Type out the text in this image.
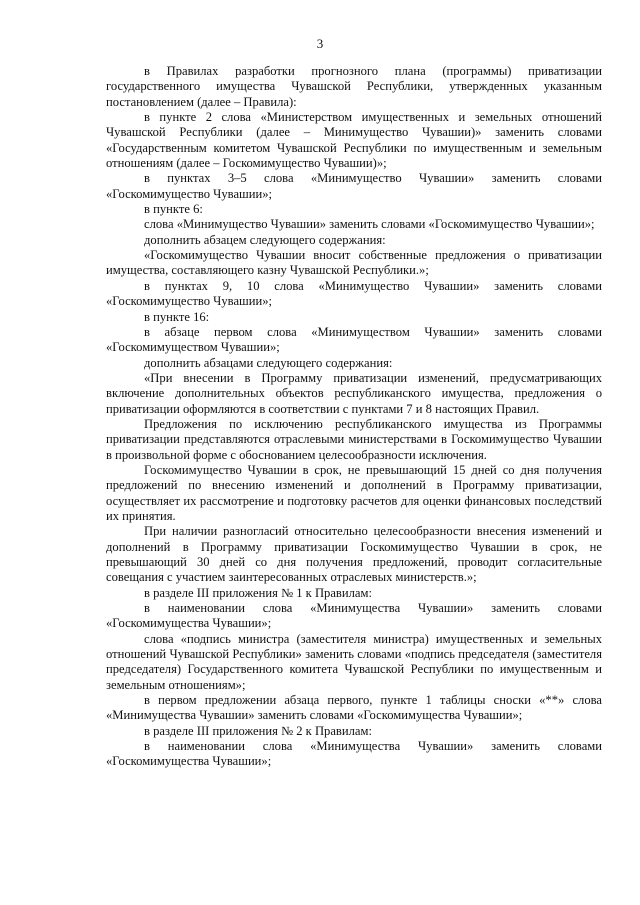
3

в Правилах разработки прогнозного плана (программы) приватизации государственного имущества Чувашской Республики, утвержденных указанным постановлением (далее – Правила):

в пункте 2 слова «Министерством имущественных и земельных отношений Чувашской Республики (далее – Минимущество Чувашии)» заменить словами «Государственным комитетом Чувашской Республики по имущественным и земельным отношениям (далее – Госкомимущество Чувашии)»;

в пунктах 3–5 слова «Минимущество Чувашии» заменить словами «Госкомимущество Чувашии»;

в пункте 6:

слова «Минимущество Чувашии» заменить словами «Госкомимущество Чувашии»;

дополнить абзацем следующего содержания:

«Госкомимущество Чувашии вносит собственные предложения о приватизации имущества, составляющего казну Чувашской Республики.»;

в пунктах 9, 10 слова «Минимущество Чувашии» заменить словами «Госкомимущество Чувашии»;

в пункте 16:

в абзаце первом слова «Минимуществом Чувашии» заменить словами «Госкомимуществом Чувашии»;

дополнить абзацами следующего содержания:

«При внесении в Программу приватизации изменений, предусматривающих включение дополнительных объектов республиканского имущества, предложения о приватизации оформляются в соответствии с пунктами 7 и 8 настоящих Правил.

Предложения по исключению республиканского имущества из Программы приватизации представляются отраслевыми министерствами в Госкомимущество Чувашии в произвольной форме с обоснованием целесообразности исключения.

Госкомимущество Чувашии в срок, не превышающий 15 дней со дня получения предложений по внесению изменений и дополнений в Программу приватизации, осуществляет их рассмотрение и подготовку расчетов для оценки финансовых последствий их принятия.

При наличии разногласий относительно целесообразности внесения изменений и дополнений в Программу приватизации Госкомимущество Чувашии в срок, не превышающий 30 дней со дня получения предложений, проводит согласительные совещания с участием заинтересованных отраслевых министерств.»;

в разделе III приложения № 1 к Правилам:

в наименовании слова «Минимущества Чувашии» заменить словами «Госкомимущества Чувашии»;

слова «подпись министра (заместителя министра) имущественных и земельных отношений Чувашской Республики» заменить словами «подпись председателя (заместителя председателя) Государственного комитета Чувашской Республики по имущественным и земельным отношениям»;

в первом предложении абзаца первого, пункте 1 таблицы сноски «**» слова «Минимущества Чувашии» заменить словами «Госкомимущества Чувашии»;

в разделе III приложения № 2 к Правилам:

в наименовании слова «Минимущества Чувашии» заменить словами «Госкомимущества Чувашии»;
